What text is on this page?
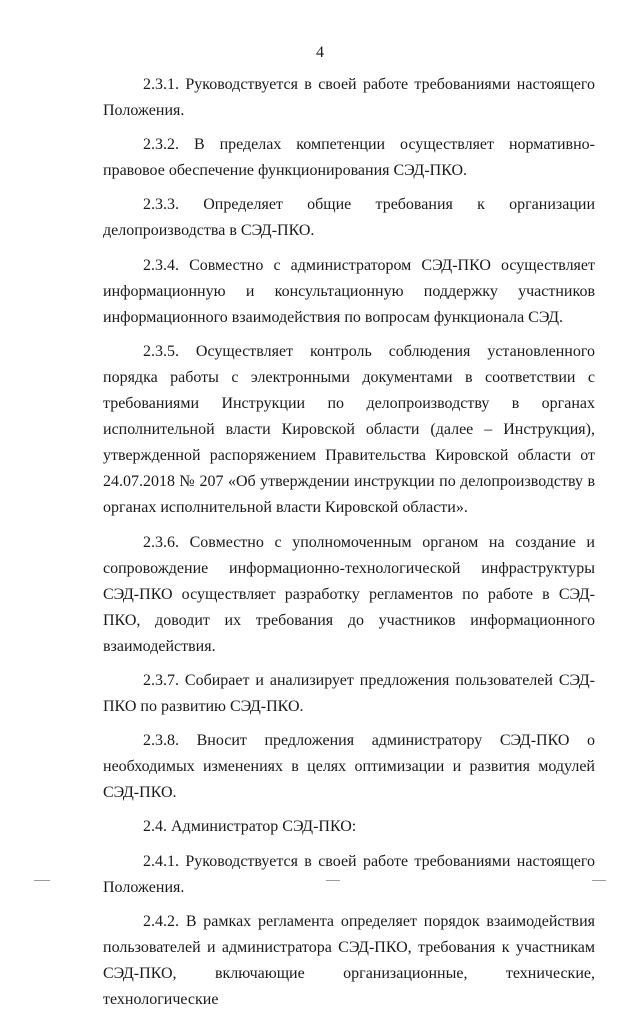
4

2.3.1. Руководствуется в своей работе требованиями настоящего Положения.

2.3.2. В пределах компетенции осуществляет нормативно-правовое обеспечение функционирования СЭД-ПКО.

2.3.3. Определяет общие требования к организации делопроизводства в СЭД-ПКО.

2.3.4. Совместно с администратором СЭД-ПКО осуществляет информационную и консультационную поддержку участников информационного взаимодействия по вопросам функционала СЭД.

2.3.5. Осуществляет контроль соблюдения установленного порядка работы с электронными документами в соответствии с требованиями Инструкции по делопроизводству в органах исполнительной власти Кировской области (далее – Инструкция), утвержденной распоряжением Правительства Кировской области от 24.07.2018 № 207 «Об утверждении инструкции по делопроизводству в органах исполнительной власти Кировской области».

2.3.6. Совместно с уполномоченным органом на создание и сопровождение информационно-технологической инфраструктуры СЭД-ПКО осуществляет разработку регламентов по работе в СЭД-ПКО, доводит их требования до участников информационного взаимодействия.

2.3.7. Собирает и анализирует предложения пользователей СЭД-ПКО по развитию СЭД-ПКО.

2.3.8. Вносит предложения администратору СЭД-ПКО о необходимых изменениях в целях оптимизации и развития модулей СЭД-ПКО.

2.4. Администратор СЭД-ПКО:

2.4.1. Руководствуется в своей работе требованиями настоящего Положения.

2.4.2. В рамках регламента определяет порядок взаимодействия пользователей и администратора СЭД-ПКО, требования к участникам СЭД-ПКО, включающие организационные, технические, технологические
